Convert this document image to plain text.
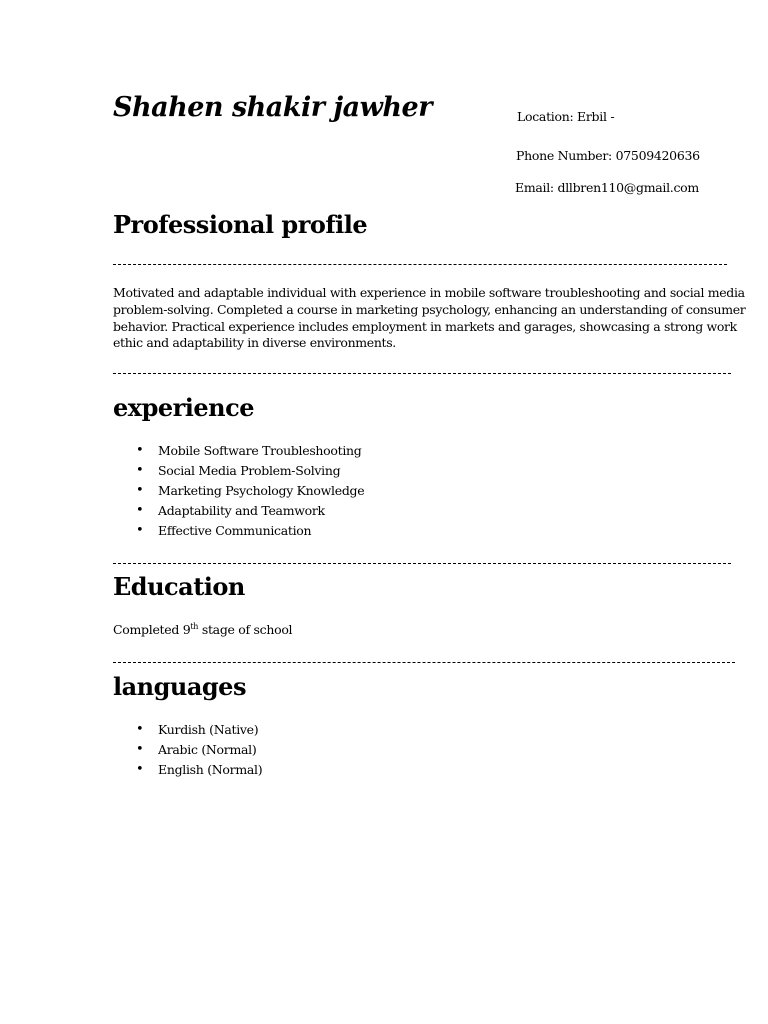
Shahen shakir jawher	Location: Erbil -
Phone Number: 07509420636
Email: dllbren110@gmail.com
Professional profile

Motivated and adaptable individual with experience in mobile software troubleshooting and social media problem-solving. Completed a course in marketing psychology, enhancing an understanding of consumer behavior. Practical experience includes employment in markets and garages, showcasing a strong work ethic and adaptability in diverse environments.

experience
• Mobile Software Troubleshooting
• Social Media Problem-Solving
• Marketing Psychology Knowledge
• Adaptability and Teamwork
• Effective Communication
Education
Completed 9th stage of school
languages
• Kurdish (Native)
• Arabic (Normal)
• English (Normal)
